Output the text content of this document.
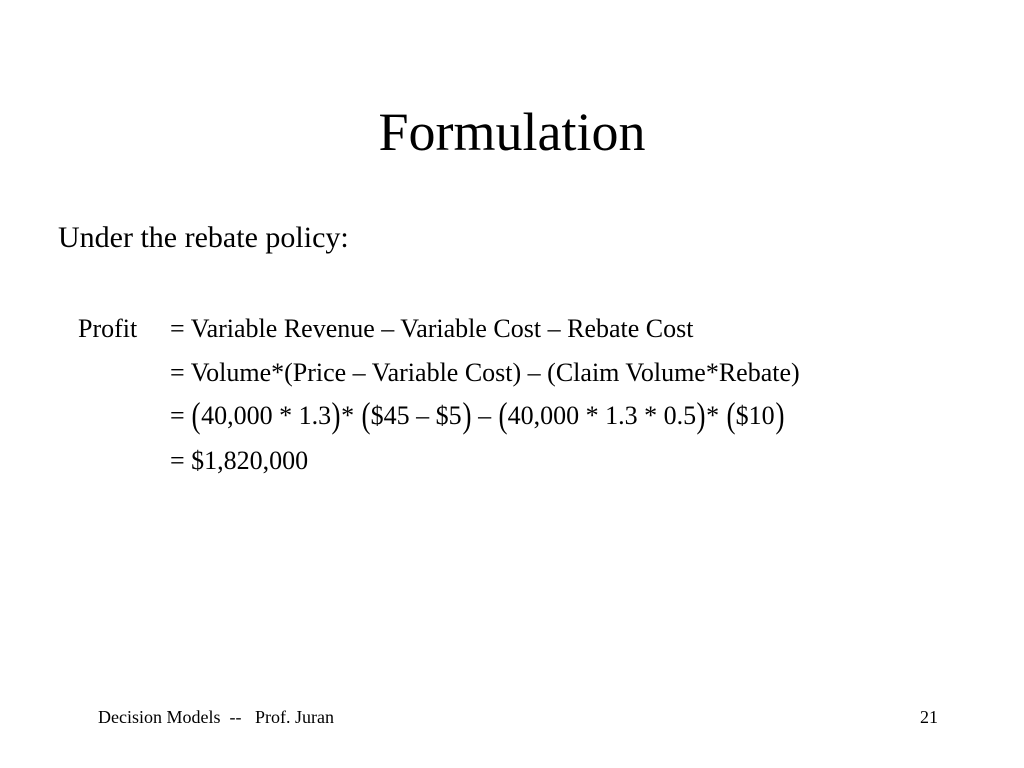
Formulation
Under the rebate policy:
Profit = Variable Revenue – Variable Cost – Rebate Cost
= Volume*(Price – Variable Cost) – (Claim Volume*Rebate)
= (40,000 * 1.3)* ($45 – $5) – (40,000 * 1.3 * 0.5)* ($10)
= $1,820,000
Decision Models  --   Prof. Juran	21
